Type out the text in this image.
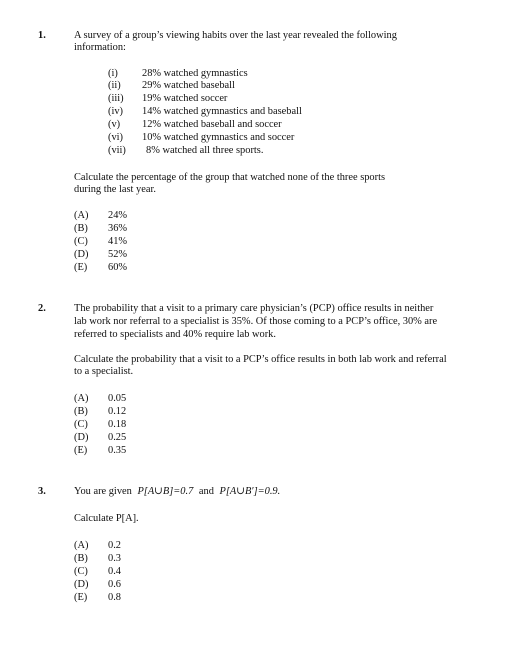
1.	A survey of a group’s viewing habits over the last year revealed the following
information:
(i) 28% watched gymnastics
(ii) 29% watched baseball
(iii) 19% watched soccer
(iv) 14% watched gymnastics and baseball
(v) 12% watched baseball and soccer
(vi) 10% watched gymnastics and soccer
(vii) 8% watched all three sports.
Calculate the percentage of the group that watched none of the three sports
during the last year.
(A) 24%
(B) 36%
(C) 41%
(D) 52%
(E) 60%
2.	The probability that a visit to a primary care physician’s (PCP) office results in neither
lab work nor referral to a specialist is 35%. Of those coming to a PCP’s office, 30% are
referred to specialists and 40% require lab work.
Calculate the probability that a visit to a PCP’s office results in both lab work and referral
to a specialist.
(A) 0.05
(B) 0.12
(C) 0.18
(D) 0.25
(E) 0.35
3.	You are given P[A∪B]=0.7 and P[A∪B′]=0.9.
Calculate P[A].
(A) 0.2
(B) 0.3
(C) 0.4
(D) 0.6
(E) 0.8
